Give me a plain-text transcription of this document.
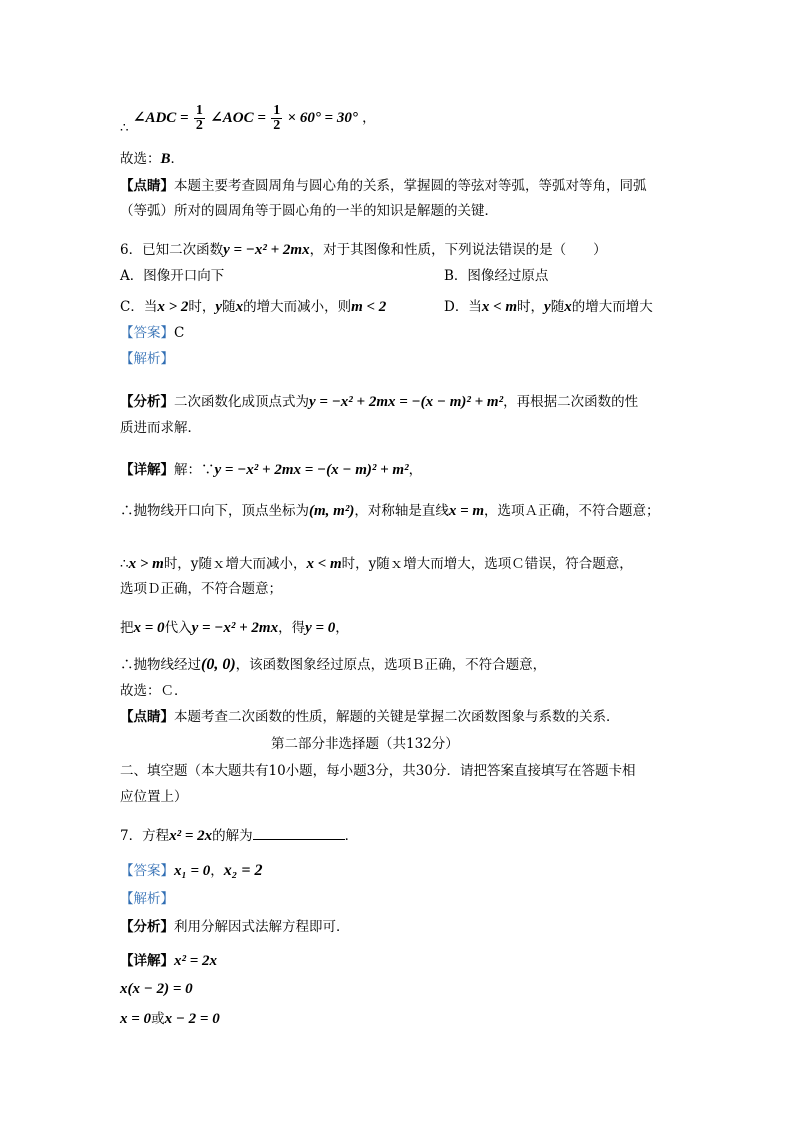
∴ ∠ADC = $\frac{1}{2}$ ∠AOC = $\frac{1}{2} \times 60^\circ = 30^\circ$ ，
故选：B．
【点睛】本题主要考查圆周角与圆心角的关系，掌握圆的等弦对等弧，等弧对等角，同弧
（等弧）所对的圆周角等于圆心角的一半的知识是解题的关键．
6．已知二次函数y = −x² + 2mx，对于其图像和性质，下列说法错误的是（　　）
A．图像开口向下	B．图像经过原点
C．当x > 2时，y随x的增大而减小，则m < 2	D．当x < m时，y随x的增大而增大
【答案】C
【解析】
【分析】二次函数化成顶点式为y = −x² + 2mx = −(x − m)² + m²，再根据二次函数的性
质进而求解．
【详解】解：∵y = −x² + 2mx = −(x − m)² + m²，
∴抛物线开口向下，顶点坐标为(m, m²)，对称轴是直线x = m，选项Ａ正确，不符合题意；
∴x > m时，y随ｘ增大而减小，x < m时，y随ｘ增大而增大，选项Ｃ错误，符合题意，
选项Ｄ正确，不符合题意；
把x = 0代入y = −x² + 2mx，得y = 0，
∴抛物线经过(0, 0)，该函数图象经过原点，选项Ｂ正确，不符合题意，
故选：Ｃ．
【点睛】本题考查二次函数的性质，解题的关键是掌握二次函数图象与系数的关系．
第二部分非选择题（共132分）
二、填空题（本大题共有10小题，每小题3分，共30分．请把答案直接填写在答题卡相
应位置上）
7．方程x² = 2x的解为	．
【答案】x₁ = 0，x₂ = 2
【解析】
【分析】利用分解因式法解方程即可．
【详解】x² = 2x
x(x − 2) = 0
x = 0或x − 2 = 0
